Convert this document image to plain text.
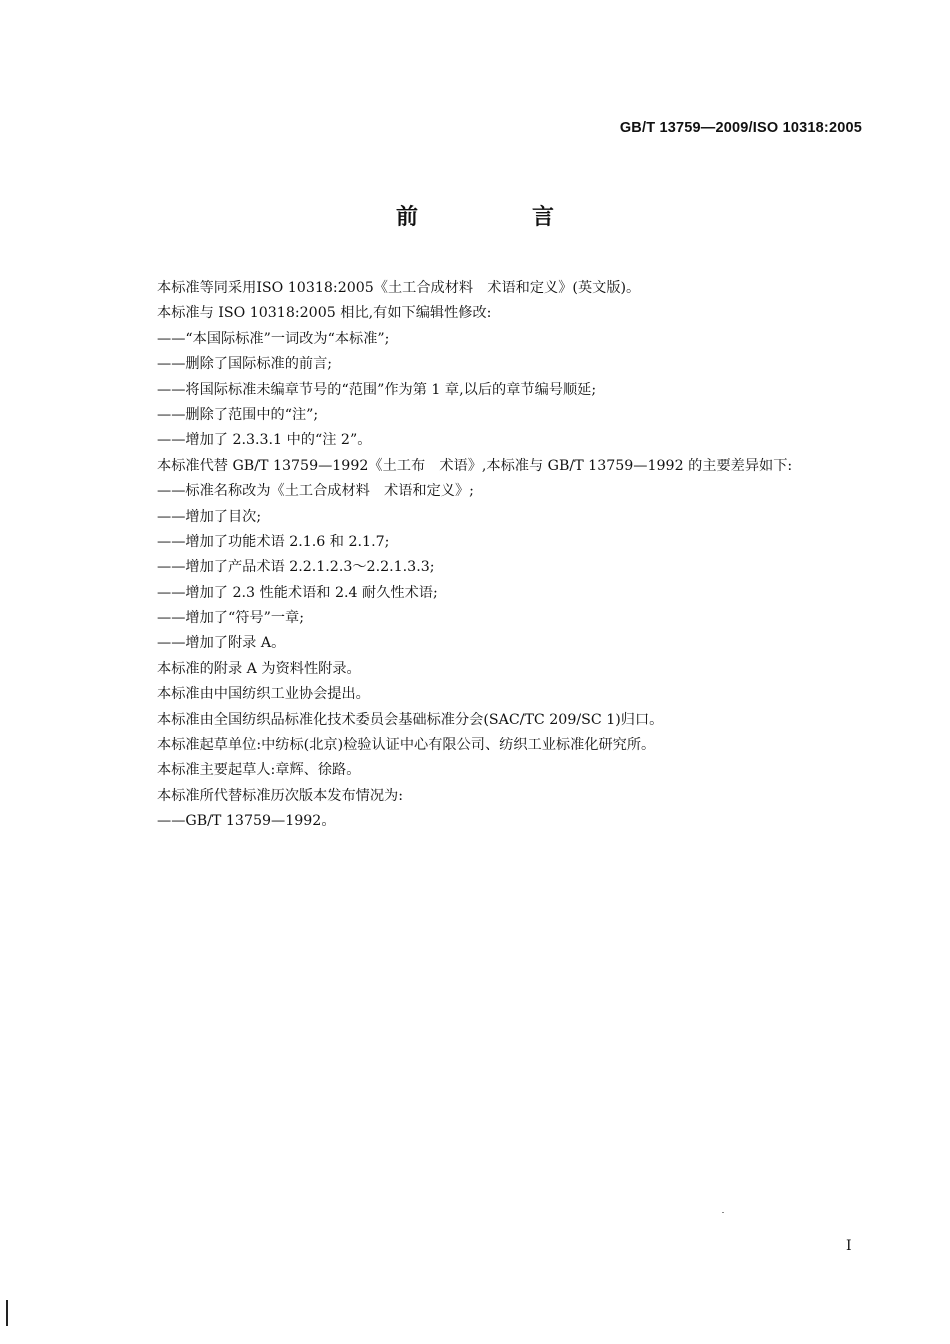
GB/T 13759—2009/ISO 10318:2005
前　言
本标准等同采用ISO 10318:2005《土工合成材料　术语和定义》(英文版)。
本标准与 ISO 10318:2005 相比,有如下编辑性修改:
——“本国际标准”一词改为“本标准”;
——删除了国际标准的前言;
——将国际标准未编章节号的“范围”作为第 1 章,以后的章节编号顺延;
——删除了范围中的“注”;
——增加了 2.3.3.1 中的“注 2”。
本标准代替 GB/T 13759—1992《土工布　术语》,本标准与 GB/T 13759—1992 的主要差异如下:
——标准名称改为《土工合成材料　术语和定义》;
——增加了目次;
——增加了功能术语 2.1.6 和 2.1.7;
——增加了产品术语 2.2.1.2.3～2.2.1.3.3;
——增加了 2.3 性能术语和 2.4 耐久性术语;
——增加了“符号”一章;
——增加了附录 A。
本标准的附录 A 为资料性附录。
本标准由中国纺织工业协会提出。
本标准由全国纺织品标准化技术委员会基础标准分会(SAC/TC 209/SC 1)归口。
本标准起草单位:中纺标(北京)检验认证中心有限公司、纺织工业标准化研究所。
本标准主要起草人:章辉、徐路。
本标准所代替标准历次版本发布情况为:
——GB/T 13759—1992。
I
